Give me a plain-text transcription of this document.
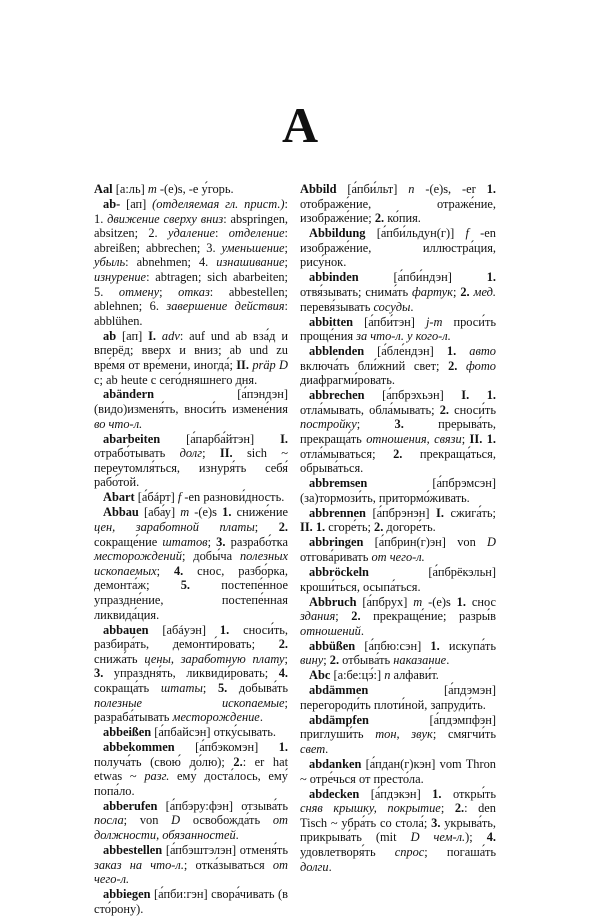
A

Aal [а:ль] m -(e)s, -e у́горь.

ab- [ап] (отделяемая гл. прист.): 1. движение сверху вниз: abspringen, absitzen; 2. удаление: отделение: abreißen; abbrechen; 3. уменьшение; убыль: abnehmen; 4. изнашивание; изнурение: abtragen; sich abarbeiten; 5. отмену; отказ: abbestellen; ablehnen; 6. завершение действия: abblühen.

ab [ап] I. adv: auf und ab вза́д и вперёд; вверх и вниз; ab und zu вре́мя от вре́мени, иногда́; II. präp D с; ab heute с сего́дняшнего дня.

abändern [а́пэндэн] (видо)изменя́ть, вноси́ть измене́ния во что-л.

abarbeiten [а́парба́йтэн] I. отрабо́тывать долг; II. sich ~ переутомля́ться, изнуря́ть себя́ рабо́той.

Abart [а́бáрт] f -en разнови́дность.

Abbau [аба́у] m -(e)s 1. сниже́ние цен, заработной платы; 2. сокраще́ние штатов; 3. разрабо́тка месторождений; добы́ча полезных ископаемых; 4. снос, разбо́рка, демонта́ж; 5. постепе́нное упраздне́ние, постепе́нная ликвида́ция.

abbauen [абáуэн] 1. сноси́ть, разбира́ть, демонти́ровать; 2. снижа́ть цены, заработную плату; 3. упраздня́ть, ликвиди́ровать; 4. сокраща́ть штаты; 5. добыва́ть полезные ископаемые; разраба́тывать месторождение.

abbeißen [а́пбайсэн] отку́сывать.

abbekommen [а́пбэкомэн] 1. получа́ть (свою́ до́лю); 2.: er hat etwas ~ разг. ему́ доста́лось, ему́ попа́ло.

abberufen [а́пбэру:фэн] отзыва́ть посла; von D освобожда́ть от должности, обязанностей.

abbestellen [а́пбэштэлэн] отменя́ть заказ на что-л.; отка́зываться от чего-л.

abbiegen [а́пби:гэн] свора́чивать (в сто́рону).

Abbild [а́пби́льт] n -(e)s, -er 1. отображе́ние, отраже́ние, изображе́ние; 2. ко́пия.

Abbildung [а́пби́льдун(г)] f -en изображе́ние, иллюстра́ция, рису́нок.

abbinden [а́пби́ндэн] 1. отвя́зывать; снима́ть фартук; 2. мед. перевя́зывать сосуды.

abbitten [а́пби́тэн] j-m проси́ть проще́ния за что-л. у кого-л.

abblenden [а́бле́ндэн] 1. авто включа́ть бли́жний свет; 2. фото диафрагми́ровать.

abbrechen [а́пбрэхьэн] I. 1. отла́мывать, обла́мывать; 2. сноси́ть постройку; 3. прерыва́ть, прекраща́ть отношения, связи; II. 1. отла́мываться; 2. прекраща́ться, обрыва́ться.

abbremsen [а́пбрэмсэн] (за)тормози́ть, притормо́живать.

abbrennen [а́пбрэнэн] I. сжига́ть; II. 1. сгоре́ть; 2. догоре́ть.

abbringen [а́пбрин(г)эн] von D отгова́ривать от чего-л.

abbröckeln [а́пбрёкэльн] кроши́ться, осыпа́ться.

Abbruch [а́пбрух] m -(e)s 1. снос здания; 2. прекраще́ние; разры́в отношений.

abbüßen [а́пбю:сэн] 1. искупа́ть вину; 2. отбыва́ть наказание.

Abc [а:бе:цэ́:] n алфави́т.

abdämmen [а́пдэмэн] перегороди́ть плоти́ной, запруди́ть.

abdämpfen [а́пдэмпфэн] приглуши́ть тон, звук; смягчи́ть свет.

abdanken [а́пдан(г)кэн] vom Thron ~ отре́чься от престо́ла.

abdecken [а́пдэкэн] 1. откры́ть сняв крышку, покрытие; 2.: den Tisch ~ убра́ть со стола́; 3. укрыва́ть, прикрыва́ть (mit D чем-л.); 4. удовлетворя́ть спрос; погаша́ть долги.
